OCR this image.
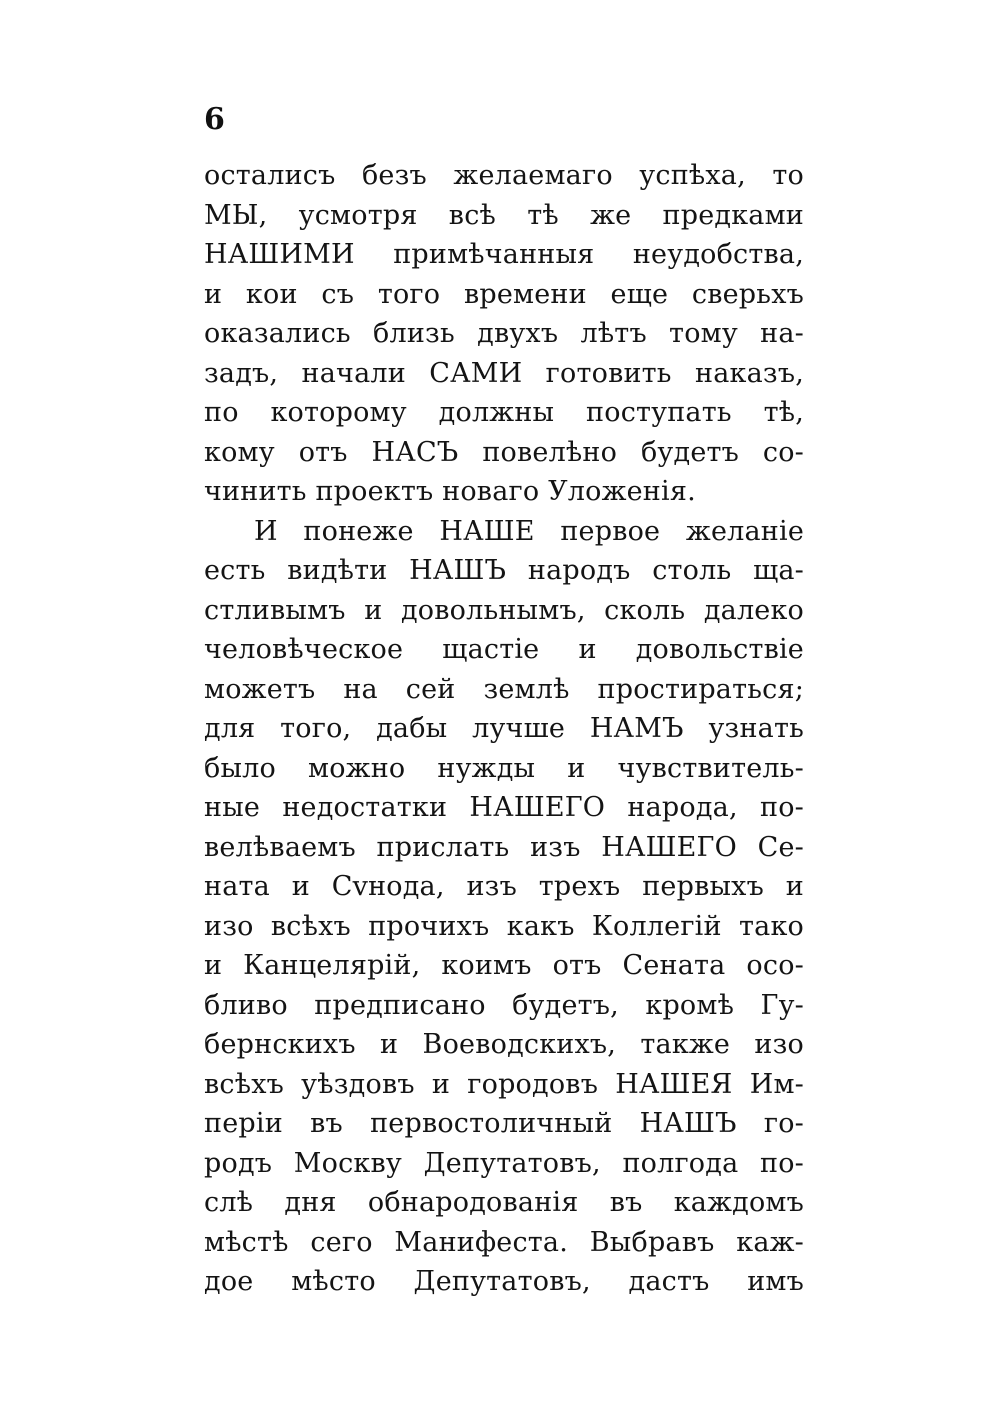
6
осталисъ безъ желаемаго успѣха, то
МЫ, усмотря всѣ тѣ же предками
НАШИМИ примѣчанныя неудобства,
и кои съ того времени еще сверьхъ
оказались близь двухъ лѣтъ тому на-
задъ, начали САМИ готовить наказъ,
по которому должны поступать тѣ,
кому отъ НАСЪ повелѣно будетъ со-
чинить проектъ новаго Уложенія.
И понеже НАШЕ первое желаніе
есть видѣти НАШЪ народъ столь ща-
стливымъ и довольнымъ, сколь далеко
человѣческое щастіе и довольствіе
можетъ на сей землѣ простираться;
для того, дабы лучше НАМЪ узнать
было можно нужды и чувствитель-
ные недостатки НАШЕГО народа, по-
велѣваемъ прислать изъ НАШЕГО Се-
ната и Сvнода, изъ трехъ первыхъ и
изо всѣхъ прочихъ какъ Коллегій тако
и Канцелярій, коимъ отъ Сената осо-
бливо предписано будетъ, кромѣ Гу-
бернскихъ и Воеводскихъ, также изо
всѣхъ уѣздовъ и городовъ НАШЕЯ Им-
періи въ первостоличный НАШЪ го-
родъ Москву Депутатовъ, полгода по-
слѣ дня обнародованія въ каждомъ
мѣстѣ сего Манифеста. Выбравъ каж-
дое мѣсто Депутатовъ, дастъ имъ
